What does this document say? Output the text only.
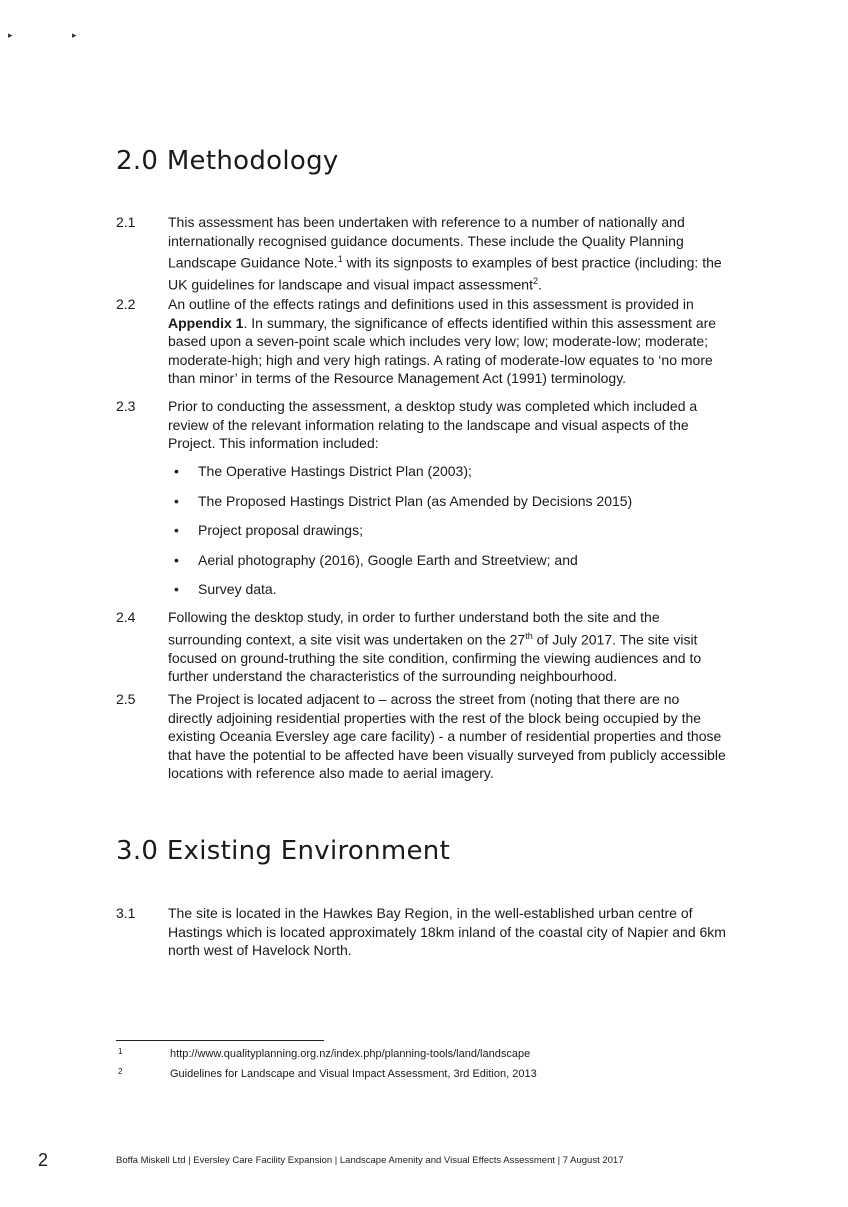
▸	▸
2.0 Methodology
2.1 This assessment has been undertaken with reference to a number of nationally and internationally recognised guidance documents. These include the Quality Planning Landscape Guidance Note.$^1$ with its signposts to examples of best practice (including: the UK guidelines for landscape and visual impact assessment$^2$.
2.2 An outline of the effects ratings and definitions used in this assessment is provided in Appendix 1. In summary, the significance of effects identified within this assessment are based upon a seven-point scale which includes very low; low; moderate-low; moderate; moderate-high; high and very high ratings. A rating of moderate-low equates to ‘no more than minor’ in terms of the Resource Management Act (1991) terminology.
2.3 Prior to conducting the assessment, a desktop study was completed which included a review of the relevant information relating to the landscape and visual aspects of the Project. This information included:
• The Operative Hastings District Plan (2003);
• The Proposed Hastings District Plan (as Amended by Decisions 2015)
• Project proposal drawings;
• Aerial photography (2016), Google Earth and Streetview; and
• Survey data.
2.4 Following the desktop study, in order to further understand both the site and the surrounding context, a site visit was undertaken on the 27th of July 2017. The site visit focused on ground-truthing the site condition, confirming the viewing audiences and to further understand the characteristics of the surrounding neighbourhood.
2.5 The Project is located adjacent to – across the street from (noting that there are no directly adjoining residential properties with the rest of the block being occupied by the existing Oceania Eversley age care facility) - a number of residential properties and those that have the potential to be affected have been visually surveyed from publicly accessible locations with reference also made to aerial imagery.
3.0 Existing Environment
3.1 The site is located in the Hawkes Bay Region, in the well-established urban centre of Hastings which is located approximately 18km inland of the coastal city of Napier and 6km north west of Havelock North.
1	http://www.qualityplanning.org.nz/index.php/planning-tools/land/landscape
2	Guidelines for Landscape and Visual Impact Assessment, 3rd Edition, 2013
2	Boffa Miskell Ltd | Eversley Care Facility Expansion | Landscape Amenity and Visual Effects Assessment | 7 August 2017
